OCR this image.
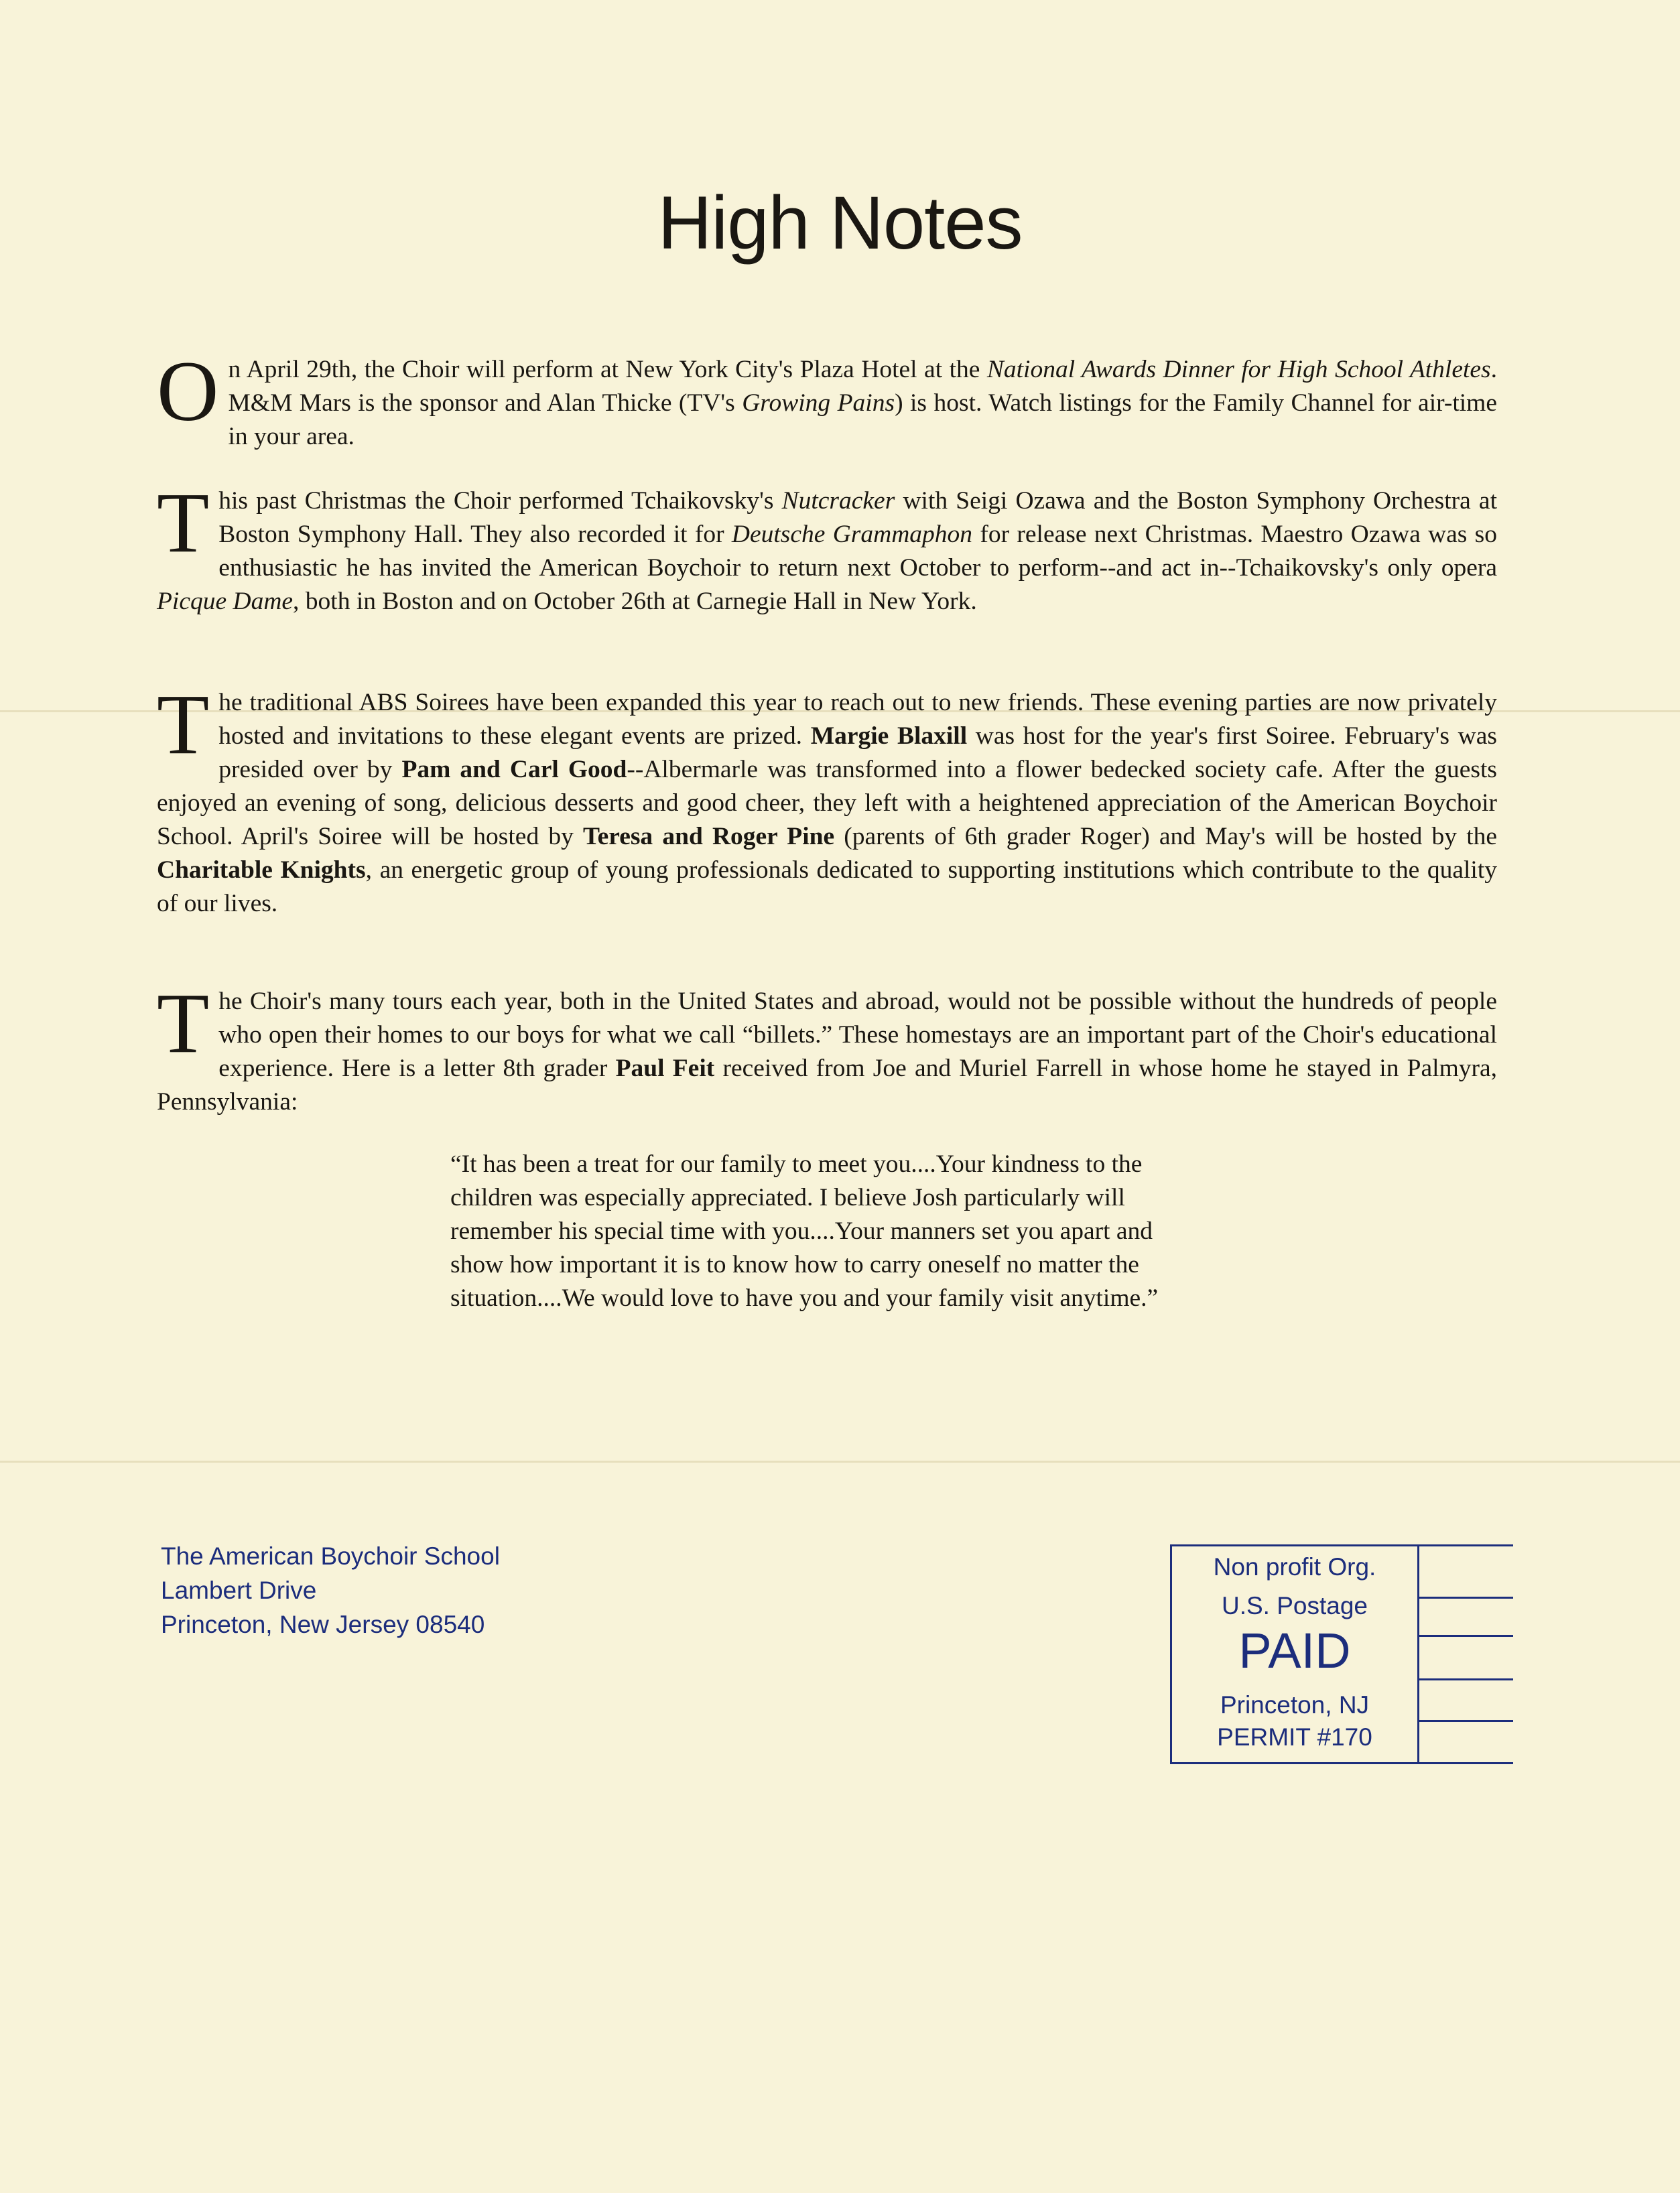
High Notes

O n April 29th, the Choir will perform at New York City's Plaza Hotel at the National Awards Dinner for High School Athletes. M&M Mars is the sponsor and Alan Thicke (TV's Growing Pains) is host. Watch listings for the Family Channel for air-time in your area.

T his past Christmas the Choir performed Tchaikovsky's Nutcracker with Seigi Ozawa and the Boston Symphony Orchestra at Boston Symphony Hall. They also recorded it for Deutsche Grammaphon for release next Christmas. Maestro Ozawa was so enthusiastic he has invited the American Boychoir to return next October to perform--and act in--Tchaikovsky's only opera Picque Dame, both in Boston and on October 26th at Carnegie Hall in New York.

T he traditional ABS Soirees have been expanded this year to reach out to new friends. These evening parties are now privately hosted and invitations to these elegant events are prized. Margie Blaxill was host for the year's first Soiree. February's was presided over by Pam and Carl Good--Albermarle was transformed into a flower bedecked society cafe. After the guests enjoyed an evening of song, delicious desserts and good cheer, they left with a heightened appreciation of the American Boychoir School. April's Soiree will be hosted by Teresa and Roger Pine (parents of 6th grader Roger) and May's will be hosted by the Charitable Knights, an energetic group of young professionals dedicated to supporting institutions which contribute to the quality of our lives.

T he Choir's many tours each year, both in the United States and abroad, would not be possible without the hundreds of people who open their homes to our boys for what we call “billets.” These homestays are an important part of the Choir's educational experience. Here is a letter 8th grader Paul Feit received from Joe and Muriel Farrell in whose home he stayed in Palmyra, Pennsylvania:

“It has been a treat for our family to meet you....Your kindness to the
children was especially appreciated. I believe Josh particularly will
remember his special time with you....Your manners set you apart and
show how important it is to know how to carry oneself no matter the
situation....We would love to have you and your family visit anytime.”
The American Boychoir School
Lambert Drive
Princeton, New Jersey 08540
Non profit Org.
U.S. Postage
PAID
Princeton, NJ
PERMIT #170
